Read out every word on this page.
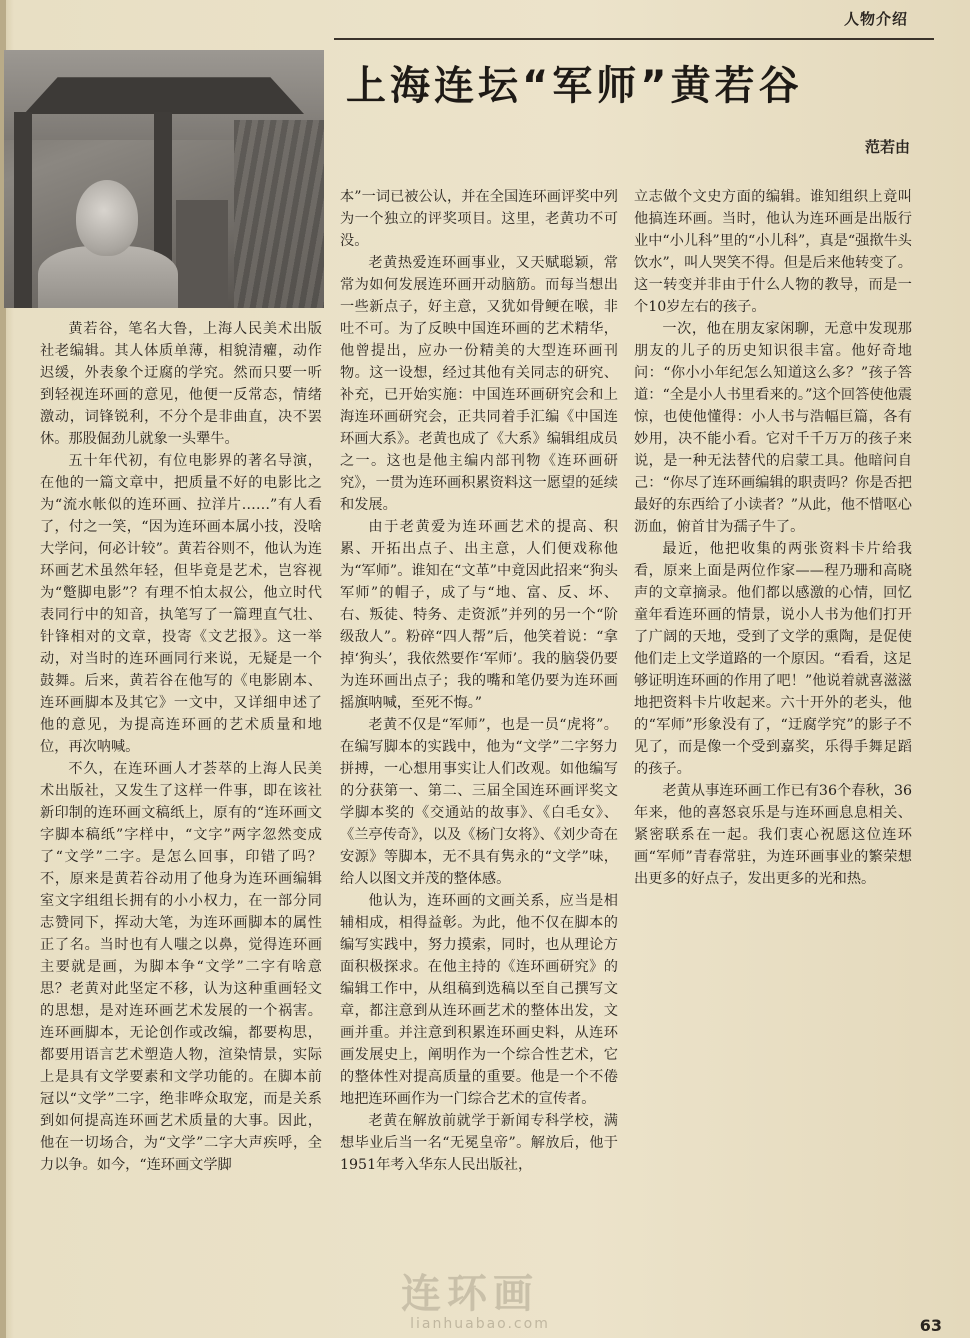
人物介绍
上海连坛“军师”黄若谷
范若由

黄若谷，笔名大鲁，上海人民美术出版社老编辑。其人体质单薄，相貌清癯，动作迟缓，外表象个迂腐的学究。然而只要一听到轻视连环画的意见，他便一反常态，情绪激动，词锋锐利，不分个是非曲直，决不罢休。那股倔劲儿就象一头犟牛。

五十年代初，有位电影界的著名导演，在他的一篇文章中，把质量不好的电影比之为“流水帐似的连环画、拉洋片……”有人看了，付之一笑，“因为连环画本属小技，没啥大学问，何必计较”。黄若谷则不，他认为连环画艺术虽然年轻，但毕竟是艺术，岂容视为“蹩脚电影”？有理不怕太叔公，他立时代表同行中的知音，执笔写了一篇理直气壮、针锋相对的文章，投寄《文艺报》。这一举动，对当时的连环画同行来说，无疑是一个鼓舞。后来，黄若谷在他写的《电影剧本、连环画脚本及其它》一文中，又详细申述了他的意见，为提高连环画的艺术质量和地位，再次呐喊。

不久，在连环画人才荟萃的上海人民美术出版社，又发生了这样一件事，即在该社新印制的连环画文稿纸上，原有的“连环画文字脚本稿纸”字样中，“文字”两字忽然变成了“文学”二字。是怎么回事，印错了吗？不，原来是黄若谷动用了他身为连环画编辑室文字组组长拥有的小小权力，在一部分同志赞同下，挥动大笔，为连环画脚本的属性正了名。当时也有人嗤之以鼻，觉得连环画主要就是画，为脚本争“文学”二字有啥意思？老黄对此坚定不移，认为这种重画轻文的思想，是对连环画艺术发展的一个祸害。连环画脚本，无论创作或改编，都要构思，都要用语言艺术塑造人物，渲染情景，实际上是具有文学要素和文学功能的。在脚本前冠以“文学”二字，绝非哗众取宠，而是关系到如何提高连环画艺术质量的大事。因此，他在一切场合，为“文学”二字大声疾呼，全力以争。如今，“连环画文学脚

本”一词已被公认，并在全国连环画评奖中列为一个独立的评奖项目。这里，老黄功不可没。

老黄热爱连环画事业，又天赋聪颖，常常为如何发展连环画开动脑筋。而每当想出一些新点子，好主意，又犹如骨鲠在喉，非吐不可。为了反映中国连环画的艺术精华，他曾提出，应办一份精美的大型连环画刊物。这一设想，经过其他有关同志的研究、补充，已开始实施：中国连环画研究会和上海连环画研究会，正共同着手汇编《中国连环画大系》。老黄也成了《大系》编辑组成员之一。这也是他主编内部刊物《连环画研究》，一贯为连环画积累资料这一愿望的延续和发展。

由于老黄爱为连环画艺术的提高、积累、开拓出点子、出主意，人们便戏称他为“军师”。谁知在“文革”中竟因此招来“狗头军师”的帽子，成了与“地、富、反、坏、右、叛徒、特务、走资派”并列的另一个“阶级敌人”。粉碎“四人帮”后，他笑着说：“拿掉‘狗头’，我依然要作‘军师’。我的脑袋仍要为连环画出点子；我的嘴和笔仍要为连环画摇旗呐喊，至死不悔。”

老黄不仅是“军师”，也是一员“虎将”。在编写脚本的实践中，他为“文学”二字努力拼搏，一心想用事实让人们改观。如他编写的分获第一、第二、三届全国连环画评奖文学脚本奖的《交通站的故事》、《白毛女》、《兰亭传奇》，以及《杨门女将》、《刘少奇在安源》等脚本，无不具有隽永的“文学”味，给人以图文并茂的整体感。

他认为，连环画的文画关系，应当是相辅相成，相得益彰。为此，他不仅在脚本的编写实践中，努力摸索，同时，也从理论方面积极探求。在他主持的《连环画研究》的编辑工作中，从组稿到选稿以至自己撰写文章，都注意到从连环画艺术的整体出发，文画并重。并注意到积累连环画史料，从连环画发展史上，阐明作为一个综合性艺术，它的整体性对提高质量的重要。他是一个不倦地把连环画作为一门综合艺术的宣传者。

老黄在解放前就学于新闻专科学校，满想毕业后当一名“无冕皇帝”。解放后，他于1951年考入华东人民出版社，

立志做个文史方面的编辑。谁知组织上竟叫他搞连环画。当时，他认为连环画是出版行业中“小儿科”里的“小儿科”，真是“强揿牛头饮水”，叫人哭笑不得。但是后来他转变了。这一转变并非由于什么人物的教导，而是一个10岁左右的孩子。

一次，他在朋友家闲聊，无意中发现那朋友的儿子的历史知识很丰富。他好奇地问：“你小小年纪怎么知道这么多？”孩子答道：“全是小人书里看来的。”这个回答使他震惊，也使他懂得：小人书与浩幅巨篇，各有妙用，决不能小看。它对千千万万的孩子来说，是一种无法替代的启蒙工具。他暗问自己：“你尽了连环画编辑的职责吗？你是否把最好的东西给了小读者？”从此，他不惜呕心沥血，俯首甘为孺子牛了。

最近，他把收集的两张资料卡片给我看，原来上面是两位作家——程乃珊和高晓声的文章摘录。他们都以感激的心情，回忆童年看连环画的情景，说小人书为他们打开了广阔的天地，受到了文学的熏陶，是促使他们走上文学道路的一个原因。“看看，这足够证明连环画的作用了吧！”他说着就喜滋滋地把资料卡片收起来。六十开外的老头，他的“军师”形象没有了，“迂腐学究”的影子不见了，而是像一个受到嘉奖，乐得手舞足蹈的孩子。

老黄从事连环画工作已有36个春秋，36年来，他的喜怒哀乐是与连环画息息相关、紧密联系在一起。我们衷心祝愿这位连环画“军师”青春常驻，为连环画事业的繁荣想出更多的好点子，发出更多的光和热。

连环画
lianhuabao.com	63
